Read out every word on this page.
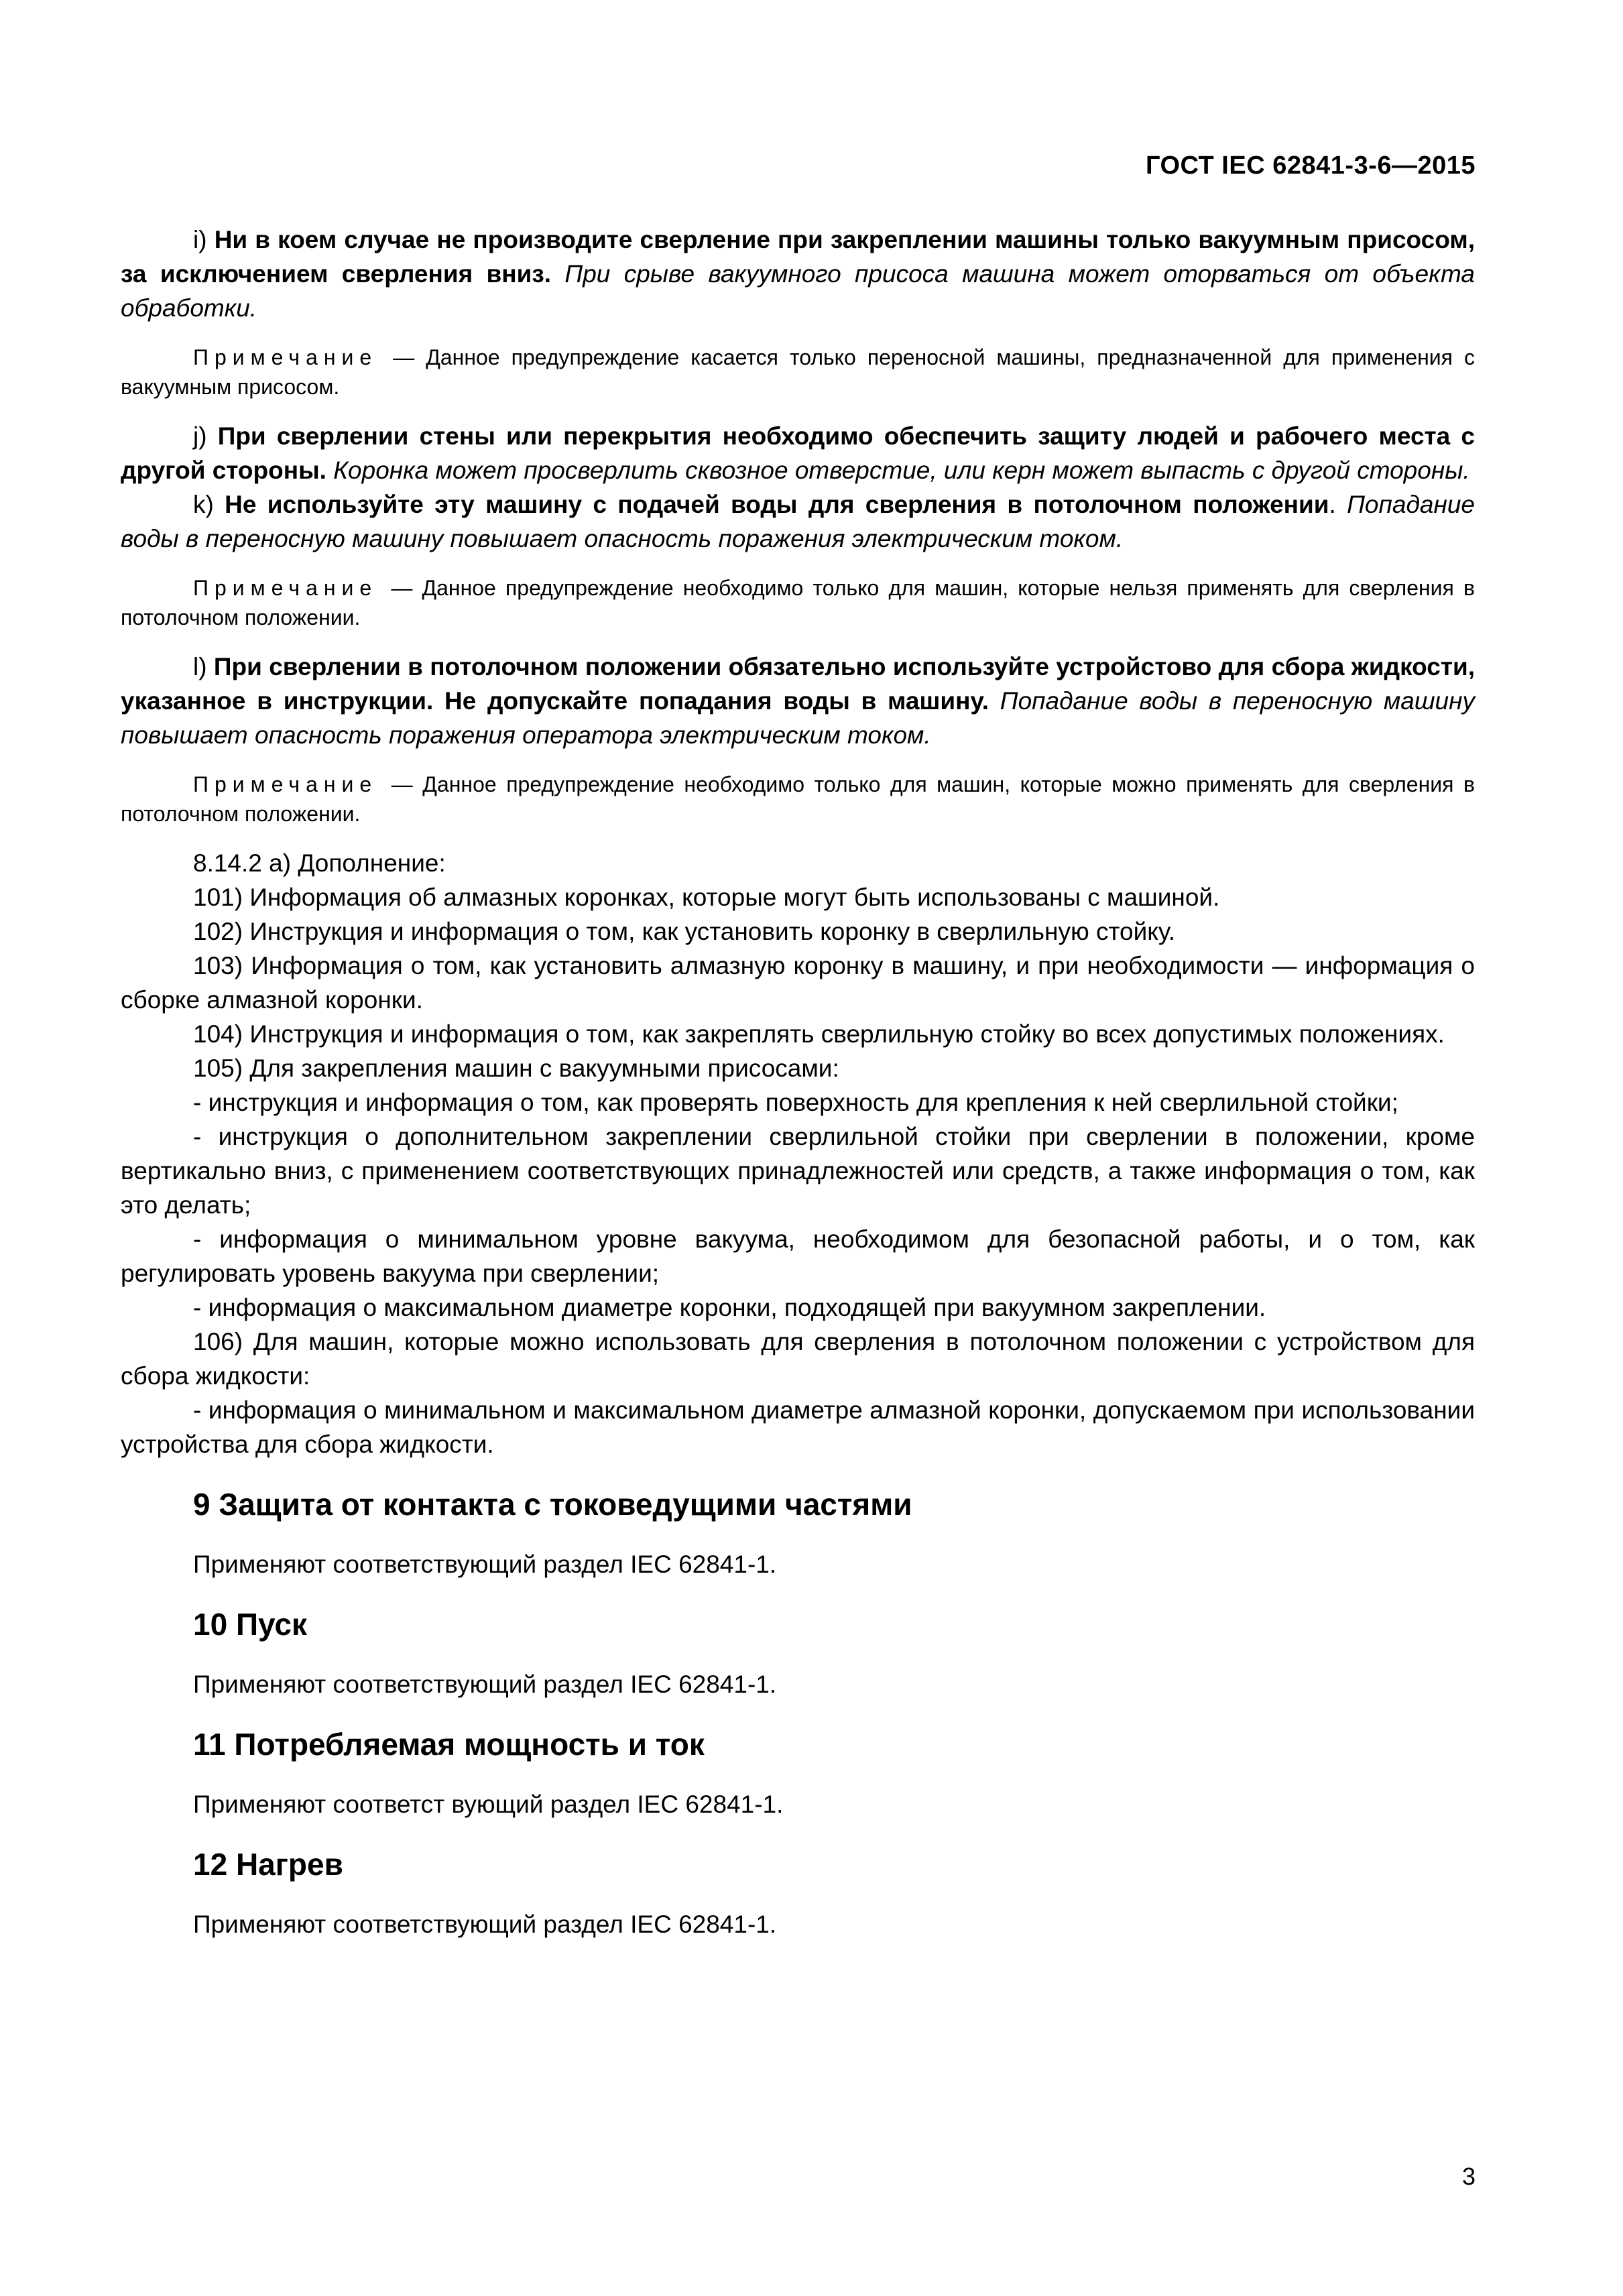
ГОСТ IEC 62841-3-6—2015

i) Ни в коем случае не производите сверление при закреплении машины только вакуумным присосом, за исключением сверления вниз. При срыве вакуумного присоса машина может оторваться от объекта обработки.

Примечание — Данное предупреждение касается только переносной машины, предназначенной для применения с вакуумным присосом.

j) При сверлении стены или перекрытия необходимо обеспечить защиту людей и рабочего места с другой стороны. Коронка может просверлить сквозное отверстие, или керн может выпасть с другой стороны.

k) Не используйте эту машину с подачей воды для сверления в потолочном положении. Попадание воды в переносную машину повышает опасность поражения электрическим током.

Примечание — Данное предупреждение необходимо только для машин, которые нельзя применять для сверления в потолочном положении.

l) При сверлении в потолочном положении обязательно используйте устройстово для сбора жидкости, указанное в инструкции. Не допускайте попадания воды в машину. Попадание воды в переносную машину повышает опасность поражения оператора электрическим током.

Примечание — Данное предупреждение необходимо только для машин, которые можно применять для сверления в потолочном положении.

8.14.2 а) Дополнение:

101) Информация об алмазных коронках, которые могут быть использованы с машиной.

102) Инструкция и информация о том, как установить коронку в сверлильную стойку.

103) Информация о том, как установить алмазную коронку в машину, и при необходимости — информация о сборке алмазной коронки.

104) Инструкция и информация о том, как закреплять сверлильную стойку во всех допустимых положениях.

105) Для закрепления машин с вакуумными присосами:

- инструкция и информация о том, как проверять поверхность для крепления к ней сверлильной стойки;

- инструкция о дополнительном закреплении сверлильной стойки при сверлении в положении, кроме вертикально вниз, с применением соответствующих принадлежностей или средств, а также информация о том, как это делать;

- информация о минимальном уровне вакуума, необходимом для безопасной работы, и о том, как регулировать уровень вакуума при сверлении;

- информация о максимальном диаметре коронки, подходящей при вакуумном закреплении.

106) Для машин, которые можно использовать для сверления в потолочном положении с устройством для сбора жидкости:

- информация о минимальном и максимальном диаметре алмазной коронки, допускаемом при использовании устройства для сбора жидкости.

9 Защита от контакта с токоведущими частями

Применяют соответствующий раздел IEC 62841-1.

10 Пуск

Применяют соответствующий раздел IEC 62841-1.

11 Потребляемая мощность и ток

Применяют соответст вующий раздел IEC 62841-1.

12 Нагрев

Применяют соответствующий раздел IEC 62841-1.

3
